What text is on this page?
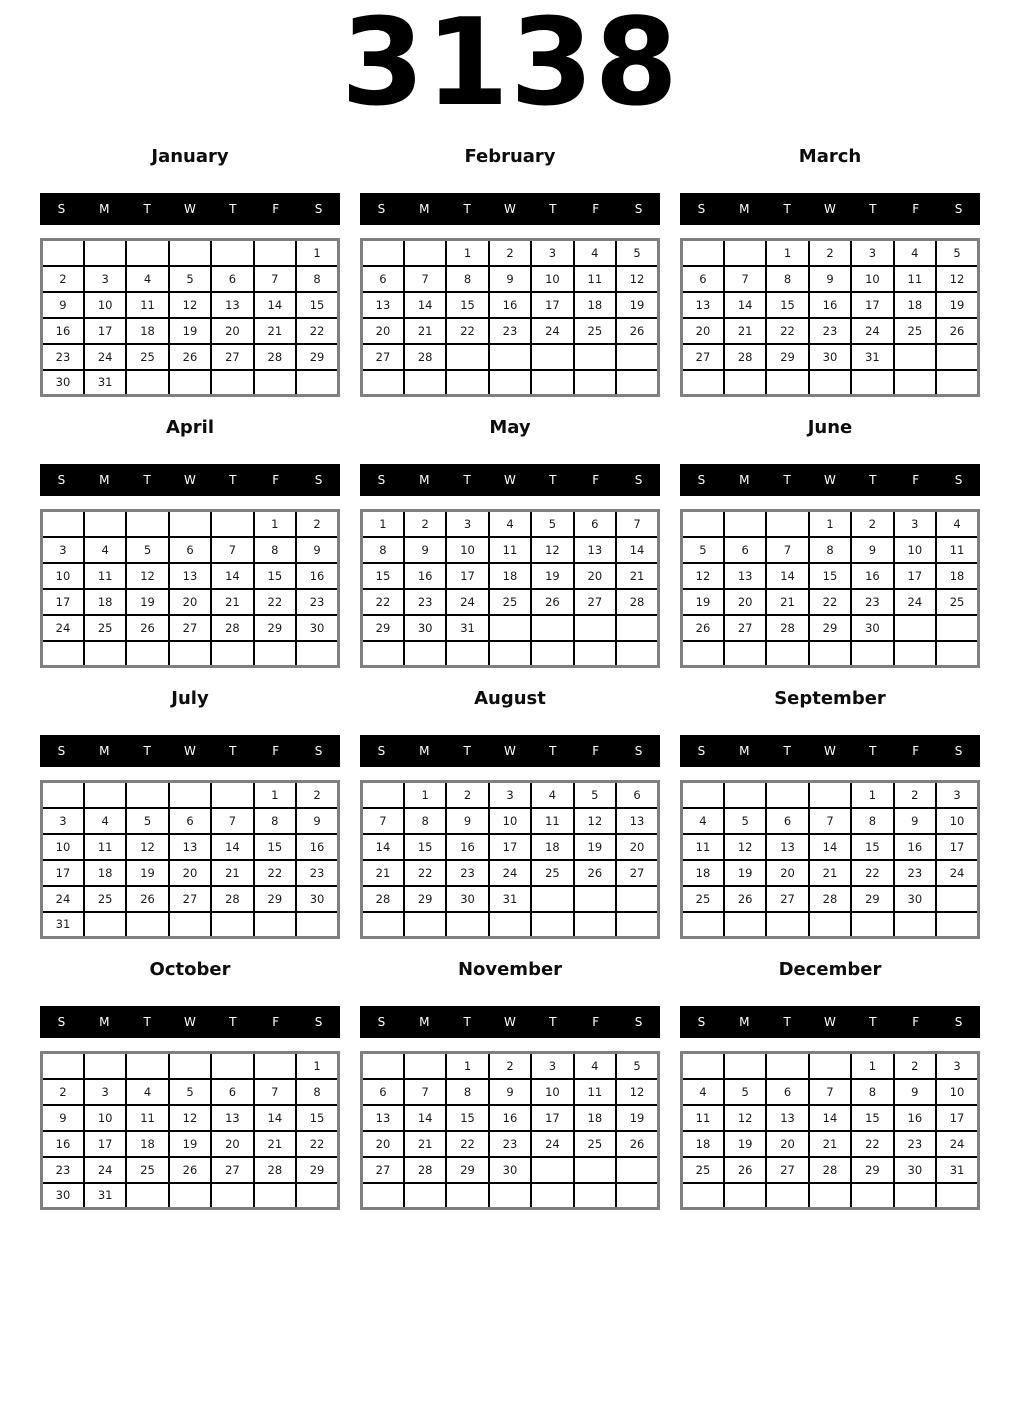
3138
January
S	M	T	W	T	F	S
						1
2	3	4	5	6	7	8
9	10	11	12	13	14	15
16	17	18	19	20	21	22
23	24	25	26	27	28	29
30	31					
February
S	M	T	W	T	F	S
		1	2	3	4	5
6	7	8	9	10	11	12
13	14	15	16	17	18	19
20	21	22	23	24	25	26
27	28					

March
S	M	T	W	T	F	S
		1	2	3	4	5
6	7	8	9	10	11	12
13	14	15	16	17	18	19
20	21	22	23	24	25	26
27	28	29	30	31		

April
S	M	T	W	T	F	S
					1	2
3	4	5	6	7	8	9
10	11	12	13	14	15	16
17	18	19	20	21	22	23
24	25	26	27	28	29	30

May
S	M	T	W	T	F	S
1	2	3	4	5	6	7
8	9	10	11	12	13	14
15	16	17	18	19	20	21
22	23	24	25	26	27	28
29	30	31				

June
S	M	T	W	T	F	S
			1	2	3	4
5	6	7	8	9	10	11
12	13	14	15	16	17	18
19	20	21	22	23	24	25
26	27	28	29	30		

July
S	M	T	W	T	F	S
					1	2
3	4	5	6	7	8	9
10	11	12	13	14	15	16
17	18	19	20	21	22	23
24	25	26	27	28	29	30
31						
August
S	M	T	W	T	F	S
	1	2	3	4	5	6
7	8	9	10	11	12	13
14	15	16	17	18	19	20
21	22	23	24	25	26	27
28	29	30	31			

September
S	M	T	W	T	F	S
				1	2	3
4	5	6	7	8	9	10
11	12	13	14	15	16	17
18	19	20	21	22	23	24
25	26	27	28	29	30	

October
S	M	T	W	T	F	S
						1
2	3	4	5	6	7	8
9	10	11	12	13	14	15
16	17	18	19	20	21	22
23	24	25	26	27	28	29
30	31					
November
S	M	T	W	T	F	S
		1	2	3	4	5
6	7	8	9	10	11	12
13	14	15	16	17	18	19
20	21	22	23	24	25	26
27	28	29	30			

December
S	M	T	W	T	F	S
				1	2	3
4	5	6	7	8	9	10
11	12	13	14	15	16	17
18	19	20	21	22	23	24
25	26	27	28	29	30	31
